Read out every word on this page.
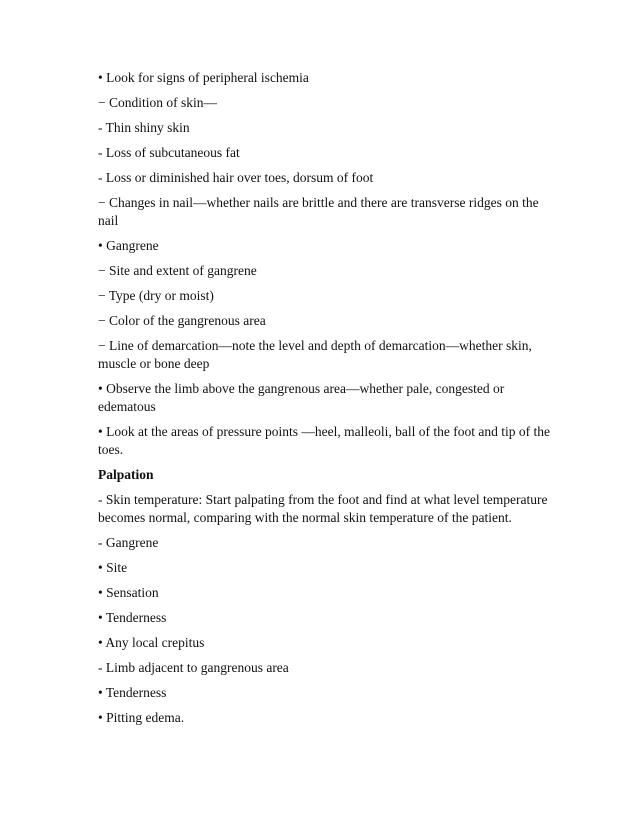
• Look for signs of peripheral ischemia

− Condition of skin—

- Thin shiny skin

- Loss of subcutaneous fat

- Loss or diminished hair over toes, dorsum of foot

− Changes in nail—whether nails are brittle and there are transverse ridges on the nail

• Gangrene

− Site and extent of gangrene

− Type (dry or moist)

− Color of the gangrenous area

− Line of demarcation—note the level and depth of demarcation—whether skin, muscle or bone deep

• Observe the limb above the gangrenous area—whether pale, congested or edematous

• Look at the areas of pressure points —heel, malleoli, ball of the foot and tip of the toes.

Palpation

- Skin temperature: Start palpating from the foot and find at what level temperature becomes normal, comparing with the normal skin temperature of the patient.

- Gangrene

• Site

• Sensation

• Tenderness

• Any local crepitus

- Limb adjacent to gangrenous area

• Tenderness

• Pitting edema.
